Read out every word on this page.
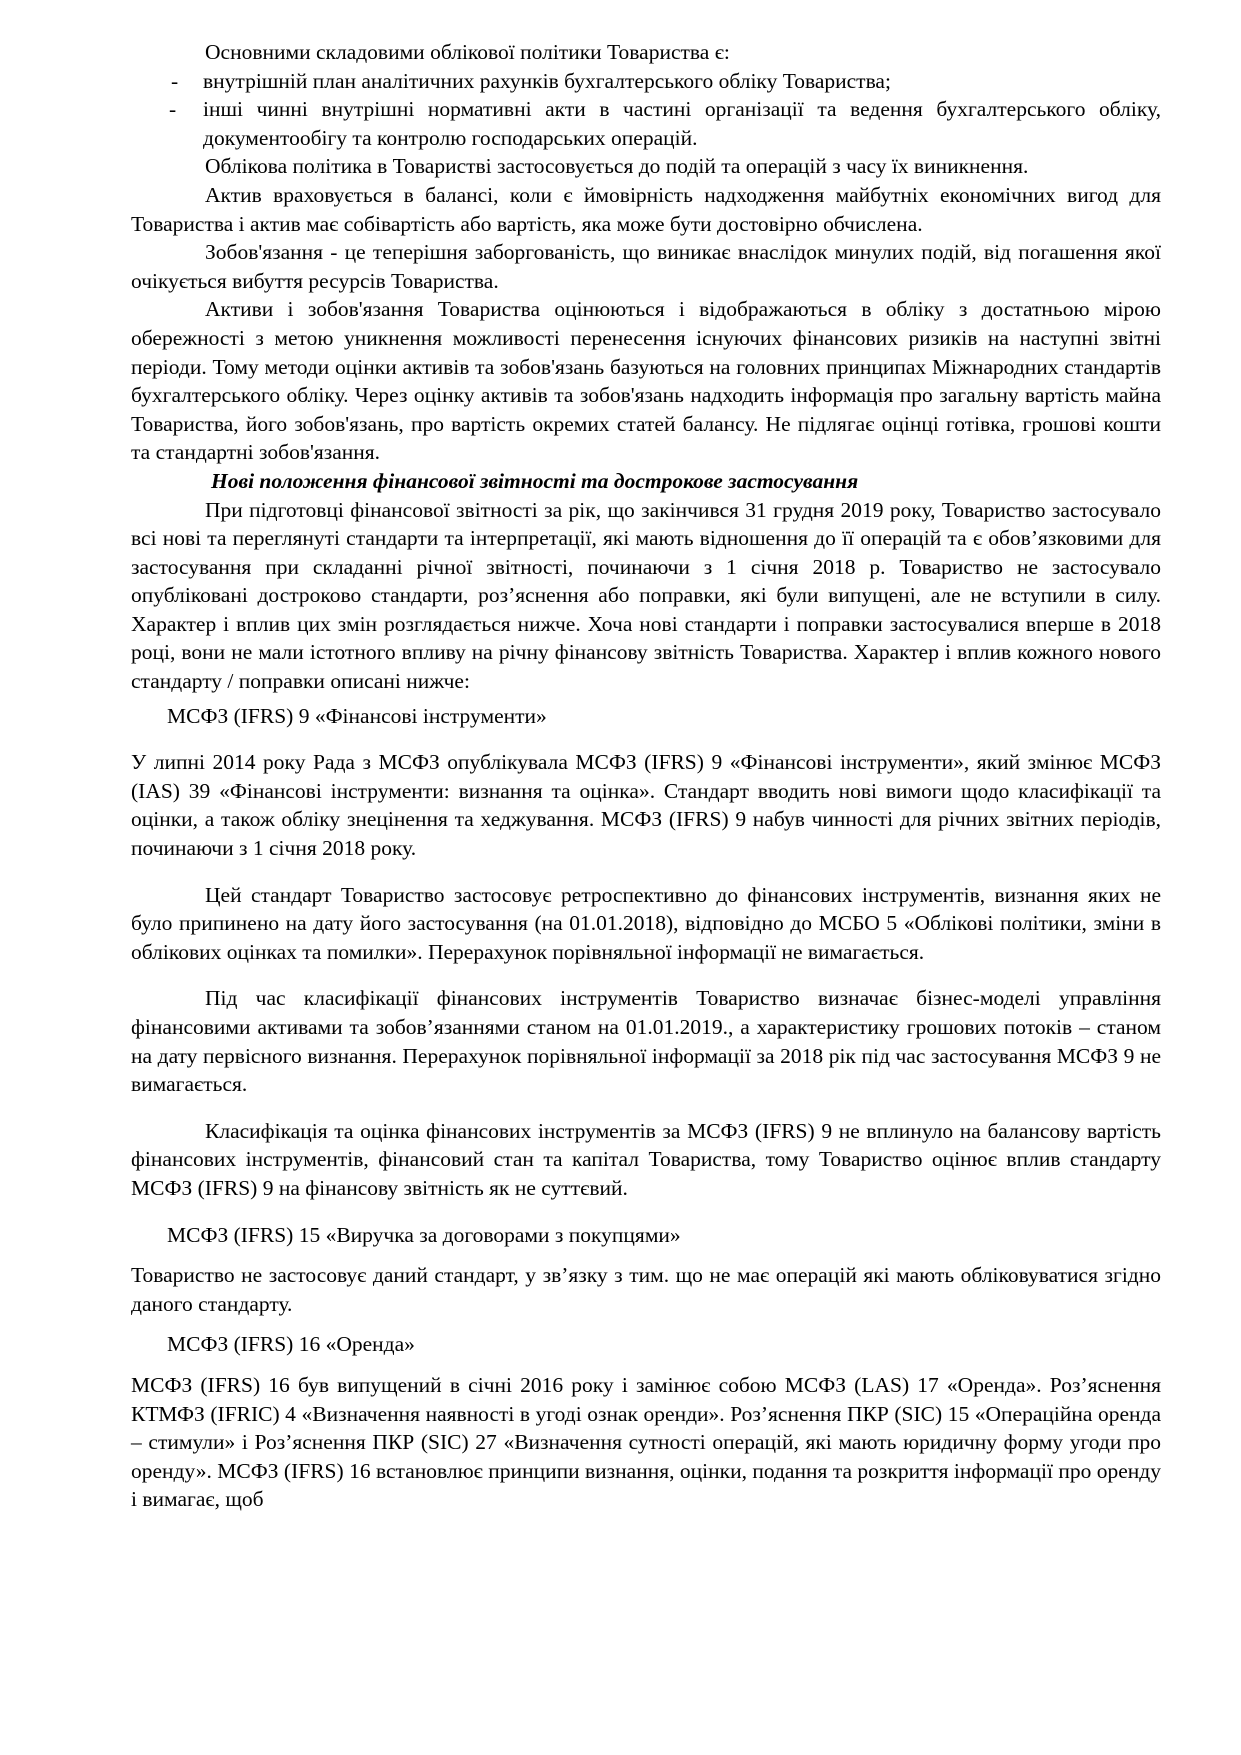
Основними складовими облікової політики Товариства є:

- внутрішній план аналітичних рахунків бухгалтерського обліку Товариства;

- інші чинні внутрішні нормативні акти в частині організації та ведення бухгалтерського обліку, документообігу та контролю господарських операцій.

Облікова політика в Товаристві застосовується до подій та операцій з часу їх виникнення.

Актив враховується в балансі, коли є ймовірність надходження майбутніх економічних вигод для Товариства і актив має собівартість або вартість, яка може бути достовірно обчислена.

Зобов'язання - це теперішня заборгованість, що виникає внаслідок минулих подій, від погашення якої очікується вибуття ресурсів Товариства.

Активи і зобов'язання Товариства оцінюються і відображаються в обліку з достатньою мірою обережності з метою уникнення можливості перенесення існуючих фінансових ризиків на наступні звітні періоди. Тому методи оцінки активів та зобов'язань базуються на головних принципах Міжнародних стандартів бухгалтерського обліку. Через оцінку активів та зобов'язань надходить інформація про загальну вартість майна Товариства, його зобов'язань, про вартість окремих статей балансу. Не підлягає оцінці готівка, грошові кошти та стандартні зобов'язання.

Нові положення фінансової звітності та дострокове застосування

При підготовці фінансової звітності за рік, що закінчився 31 грудня 2019 року, Товариство застосувало всі нові та переглянуті стандарти та інтерпретації, які мають відношення до її операцій та є обов’язковими для застосування при складанні річної звітності, починаючи з 1 січня 2018 р. Товариство не застосувало опубліковані достроково стандарти, роз’яснення або поправки, які були випущені, але не вступили в силу. Характер і вплив цих змін розглядається нижче. Хоча нові стандарти і поправки застосувалися вперше в 2018 році, вони не мали істотного впливу на річну фінансову звітність Товариства. Характер і вплив кожного нового стандарту / поправки описані нижче:

МСФЗ (IFRS) 9 «Фінансові інструменти»

У липні 2014 року Рада з МСФЗ опублікувала МСФЗ (IFRS) 9 «Фінансові інструменти», який змінює МСФЗ (IAS) 39 «Фінансові інструменти: визнання та оцінка». Стандарт вводить нові вимоги щодо класифікації та оцінки, а також обліку знецінення та хеджування. МСФЗ (IFRS) 9 набув чинності для річних звітних періодів, починаючи з 1 січня 2018 року.

Цей стандарт Товариство застосовує ретроспективно до фінансових інструментів, визнання яких не було припинено на дату його застосування (на 01.01.2018), відповідно до МСБО 5 «Облікові політики, зміни в облікових оцінках та помилки». Перерахунок порівняльної інформації не вимагається.

Під час класифікації фінансових інструментів Товариство визначає бізнес-моделі управління фінансовими активами та зобов’язаннями станом на 01.01.2019., а характеристику грошових потоків – станом на дату первісного визнання. Перерахунок порівняльної інформації за 2018 рік під час застосування МСФЗ 9 не вимагається.

Класифікація та оцінка фінансових інструментів за МСФЗ (IFRS) 9 не вплинуло на балансову вартість фінансових інструментів, фінансовий стан та капітал Товариства, тому Товариство оцінює вплив стандарту МСФЗ (IFRS) 9 на фінансову звітність як не суттєвий.

МСФЗ (IFRS) 15 «Виручка за договорами з покупцями»

Товариство не застосовує даний стандарт, у зв’язку з тим. що не має операцій які мають обліковуватися згідно даного стандарту.

МСФЗ (IFRS) 16 «Оренда»

МСФЗ (IFRS) 16 був випущений в січні 2016 року і замінює собою МСФЗ (LAS) 17 «Оренда». Роз’яснення КТМФЗ (IFRIC) 4 «Визначення наявності в угоді ознак оренди». Роз’яснення ПКР (SIC) 15 «Операційна оренда – стимули» і Роз’яснення ПКР (SIC) 27 «Визначення сутності операцій, які мають юридичну форму угоди про оренду». МСФЗ (IFRS) 16 встановлює принципи визнання, оцінки, подання та розкриття інформації про оренду і вимагає, щоб
